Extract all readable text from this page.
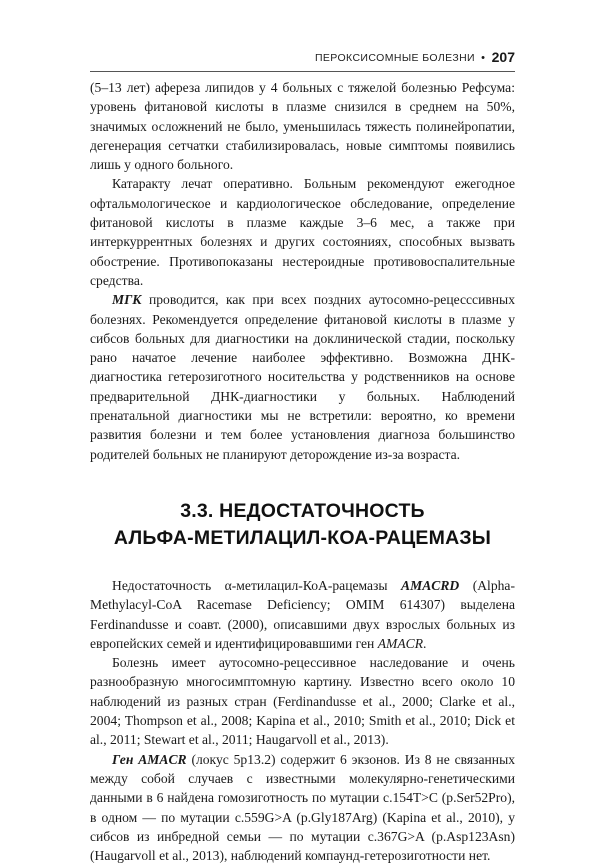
ПЕРОКСИСОМНЫЕ БОЛЕЗНИ • 207

(5–13 лет) афереза липидов у 4 больных с тяжелой болезнью Рефсума: уровень фитановой кислоты в плазме снизился в среднем на 50%, значимых осложнений не было, уменьшилась тяжесть полинейропатии, дегенерация сетчатки стабилизировалась, новые симптомы появились лишь у одного больного.

Катаракту лечат оперативно. Больным рекомендуют ежегодное офтальмологическое и кардиологическое обследование, определение фитановой кислоты в плазме каждые 3–6 мес, а также при интеркуррентных болезнях и других состояниях, способных вызвать обострение. Противопоказаны нестероидные противовоспалительные средства.

МГК проводится, как при всех поздних аутосомно-рецесcсивных болезнях. Рекомендуется определение фитановой кислоты в плазме у сибсов больных для диагностики на доклинической стадии, поскольку рано начатое лечение наиболее эффективно. Возможна ДНК-диагностика гетерозиготного носительства у родственников на основе предварительной ДНК-диагностики у больных. Наблюдений пренатальной диагностики мы не встретили: вероятно, ко времени развития болезни и тем более установления диагноза большинство родителей больных не планируют деторождение из-за возраста.

3.3. НЕДОСТАТОЧНОСТЬ
АЛЬФА-МЕТИЛАЦИЛ-КОА-РАЦЕМАЗЫ

Недостаточность α-метилацил-КоА-рацемазы AMACRD (Alpha-Methylacyl-CoA Racemase Deficiency; OMIM 614307) выделена Ferdinandusse и соавт. (2000), описавшими двух взрослых больных из европейских семей и идентифицировавшими ген AMACR.

Болезнь имеет аутосомно-рецессивное наследование и очень разнообразную многосимптомную картину. Известно всего около 10 наблюдений из разных стран (Ferdinandusse et al., 2000; Clarke et al., 2004; Thompson et al., 2008; Kapina et al., 2010; Smith et al., 2010; Dick et al., 2011; Stewart et al., 2011; Haugarvoll et al., 2013).

Ген AMACR (локус 5p13.2) содержит 6 экзонов. Из 8 не связанных между собой случаев с известными молекулярно-генетическими данными в 6 найдена гомозиготность по мутации c.154T>C (p.Ser52Pro), в одном — по мутации c.559G>A (p.Gly187Arg) (Kapina et al., 2010), у сибсов из инбредной семьи — по мутации c.367G>A (p.Asp123Asn) (Haugarvoll et al., 2013), наблюдений компаунд-гетерозиготности нет.
